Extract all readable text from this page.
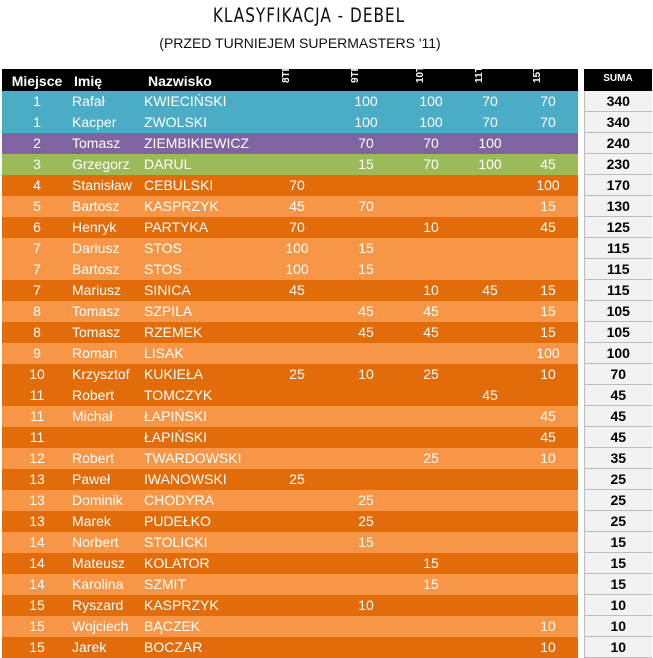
KLASYFIKACJA - DEBEL
(PRZED TURNIEJEM SUPERMASTERS '11)
Miejsce	Imię	Nazwisko	8TPO	9TPO	10TPO	11TPO	15TPO		SUMA
1	Rafał	KWIECIŃSKI		100	100	70	70		340
1	Kacper	ZWOLSKI		100	100	70	70		340
2	Tomasz	ZIEMBIKIEWICZ		70	70	100			240
3	Grzegorz	DARUL		15	70	100	45		230
4	Stanisław	CEBULSKI	70				100		170
5	Bartosz	KASPRZYK	45	70			15		130
6	Henryk	PARTYKA	70		10		45		125
7	Dariusz	STOS	100	15					115
7	Bartosz	STOS	100	15					115
7	Mariusz	SINICA	45		10	45	15		115
8	Tomasz	SZPILA		45	45		15		105
8	Tomasz	RZEMEK		45	45		15		105
9	Roman	LISAK					100		100
10	Krzysztof	KUKIEŁA	25	10	25		10		70
11	Robert	TOMCZYK				45			45
11	Michał	ŁAPIŃSKI					45		45
11		ŁAPIŃSKI					45		45
12	Robert	TWARDOWSKI			25		10		35
13	Paweł	IWANOWSKI	25						25
13	Dominik	CHODYRA		25					25
13	Marek	PUDEŁKO		25					25
14	Norbert	STOLICKI		15					15
14	Mateusz	KOLATOR			15				15
14	Karolina	SZMIT			15				15
15	Ryszard	KASPRZYK		10					10
15	Wojciech	BĄCZEK					10		10
15	Jarek	BOCZAR					10		10
